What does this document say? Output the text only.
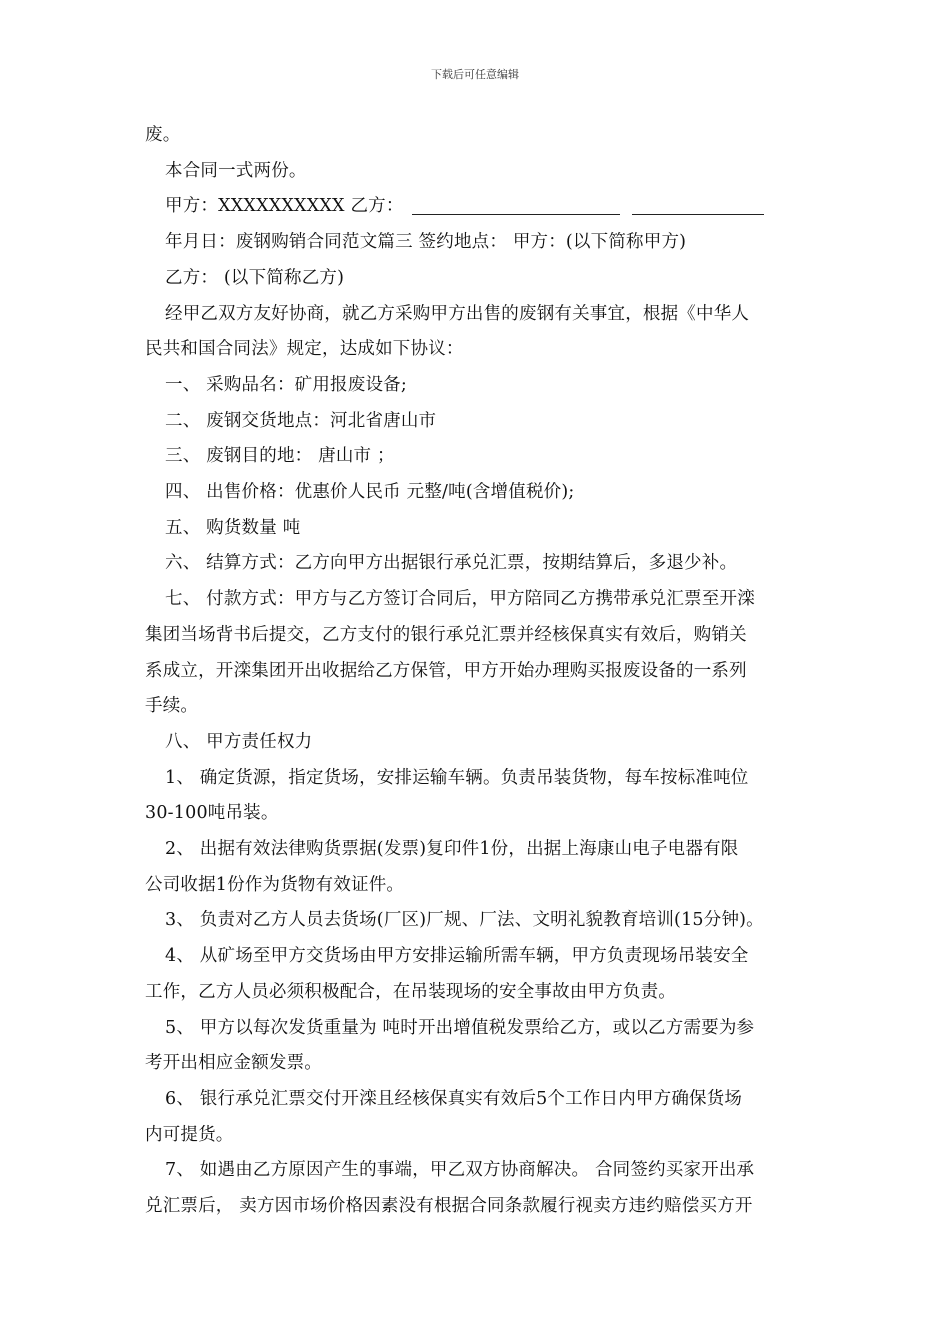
下载后可任意编辑
废。
本合同一式两份。
甲方：XXXXXXXXXX 乙方：
年月日：废钢购销合同范文篇三 签约地点： 甲方：(以下简称甲方)
乙方： (以下简称乙方)
经甲乙双方友好协商，就乙方采购甲方出售的废钢有关事宜，根据《中华人
民共和国合同法》规定，达成如下协议：
一、 采购品名：矿用报废设备;
二、 废钢交货地点：河北省唐山市
三、 废钢目的地： 唐山市 ；
四、 出售价格：优惠价人民币 元整/吨(含增值税价);
五、 购货数量 吨
六、 结算方式：乙方向甲方出据银行承兑汇票，按期结算后，多退少补。
七、 付款方式：甲方与乙方签订合同后，甲方陪同乙方携带承兑汇票至开滦
集团当场背书后提交，乙方支付的银行承兑汇票并经核保真实有效后，购销关
系成立，开滦集团开出收据给乙方保管，甲方开始办理购买报废设备的一系列
手续。
八、 甲方责任权力
1、 确定货源，指定货场，安排运输车辆。负责吊装货物，每车按标准吨位
30-100吨吊装。
2、 出据有效法律购货票据(发票)复印件1份，出据上海康山电子电器有限
公司收据1份作为货物有效证件。
3、 负责对乙方人员去货场(厂区)厂规、厂法、文明礼貌教育培训(15分钟)。
4、 从矿场至甲方交货场由甲方安排运输所需车辆，甲方负责现场吊装安全
工作，乙方人员必须积极配合，在吊装现场的安全事故由甲方负责。
5、 甲方以每次发货重量为 吨时开出增值税发票给乙方，或以乙方需要为参
考开出相应金额发票。
6、 银行承兑汇票交付开滦且经核保真实有效后5个工作日内甲方确保货场
内可提货。
7、 如遇由乙方原因产生的事端，甲乙双方协商解决。 合同签约买家开出承
兑汇票后， 卖方因市场价格因素没有根据合同条款履行视卖方违约赔偿买方开
